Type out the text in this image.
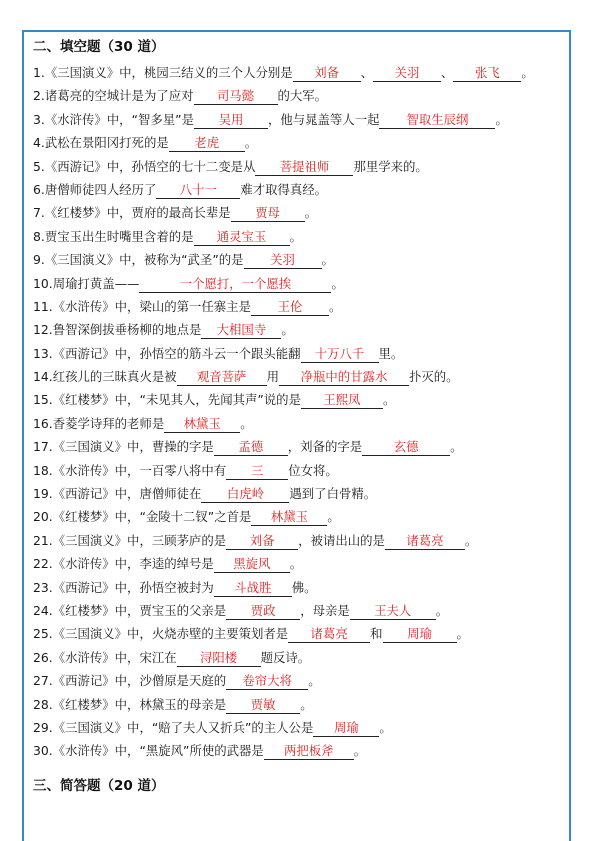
二、填空题（30 道）
1.《三国演义》中，桃园三结义的三个人分别是 刘备 、 关羽 、 张飞 。
2.诸葛亮的空城计是为了应对 司马懿 的大军。
3.《水浒传》中，“智多星”是 吴用 ，他与晁盖等人一起 智取生辰纲 。
4.武松在景阳冈打死的是 老虎 。
5.《西游记》中，孙悟空的七十二变是从 菩提祖师 那里学来的。
6.唐僧师徒四人经历了 八十一 难才取得真经。
7.《红楼梦》中，贾府的最高长辈是 贾母 。
8.贾宝玉出生时嘴里含着的是 通灵宝玉 。
9.《三国演义》中，被称为“武圣”的是 关羽 。
10.周瑜打黄盖——	一个愿打，一个愿挨	。
11.《水浒传》中，梁山的第一任寨主是 王伦 。
12.鲁智深倒拔垂杨柳的地点是 大相国寺 。
13.《西游记》中，孙悟空的筋斗云一个跟头能翻 十万八千 里。
14.红孩儿的三昧真火是被 观音菩萨 用 净瓶中的甘露水 扑灭的。
15.《红楼梦》中，“未见其人，先闻其声”说的是 王熙凤 。
16.香菱学诗拜的老师是 林黛玉 。
17.《三国演义》中，曹操的字是 孟德 ，刘备的字是	玄德	。
18.《水浒传》中，一百零八将中有 三 位女将。
19.《西游记》中，唐僧师徒在 白虎岭 遇到了白骨精。
20.《红楼梦》中，“金陵十二钗”之首是 林黛玉 。
21.《三国演义》中，三顾茅庐的是 刘备 ，被请出山的是 诸葛亮 。
22.《水浒传》中，李逵的绰号是 黑旋风 。
23.《西游记》中，孙悟空被封为 斗战胜 佛。
24.《红楼梦》中，贾宝玉的父亲是 贾政 ，母亲是 王夫人 。
25.《三国演义》中，火烧赤壁的主要策划者是 诸葛亮 和 周瑜 。
26.《水浒传》中，宋江在 浔阳楼 题反诗。
27.《西游记》中，沙僧原是天庭的 卷帘大将 。
28.《红楼梦》中，林黛玉的母亲是 贾敏 。
29.《三国演义》中，“赔了夫人又折兵”的主人公是 周瑜 。
30.《水浒传》中，“黑旋风”所使的武器是 两把板斧 。
三、简答题（20 道）
